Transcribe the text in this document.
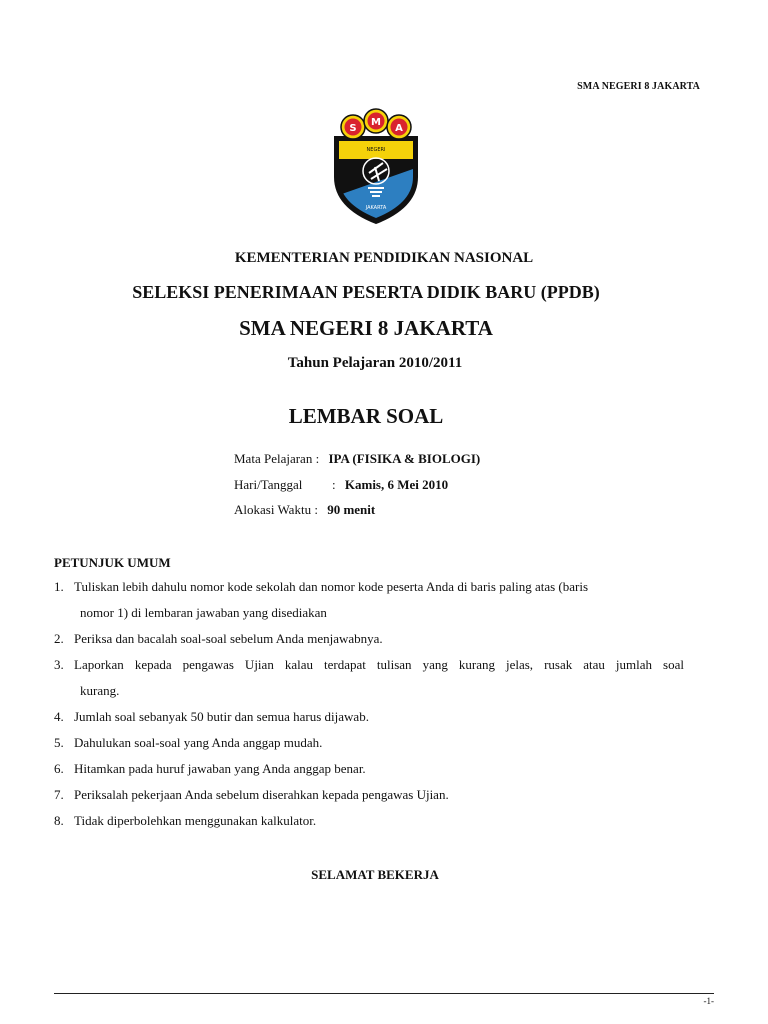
SMA NEGERI 8 JAKARTA
S
M
A
NEGERI
JAKARTA
KEMENTERIAN PENDIDIKAN NASIONAL
SELEKSI PENERIMAAN PESERTA DIDIK BARU (PPDB)
SMA NEGERI 8 JAKARTA
Tahun Pelajaran 2010/2011
LEMBAR SOAL
Mata Pelajaran : IPA (FISIKA & BIOLOGI)
Hari/Tanggal : Kamis, 6 Mei 2010
Alokasi Waktu : 90 menit
PETUNJUK UMUM
1. Tuliskan lebih dahulu nomor kode sekolah dan nomor kode peserta Anda di baris paling atas (baris
nomor 1) di lembaran jawaban yang disediakan
2. Periksa dan bacalah soal-soal sebelum Anda menjawabnya.
3. Laporkan kepada pengawas Ujian kalau terdapat tulisan yang kurang jelas, rusak atau jumlah soal
kurang.
4. Jumlah soal sebanyak 50 butir dan semua harus dijawab.
5. Dahulukan soal-soal yang Anda anggap mudah.
6. Hitamkan pada huruf jawaban yang Anda anggap benar.
7. Periksalah pekerjaan Anda sebelum diserahkan kepada pengawas Ujian.
8. Tidak diperbolehkan menggunakan kalkulator.
SELAMAT BEKERJA
-1-
